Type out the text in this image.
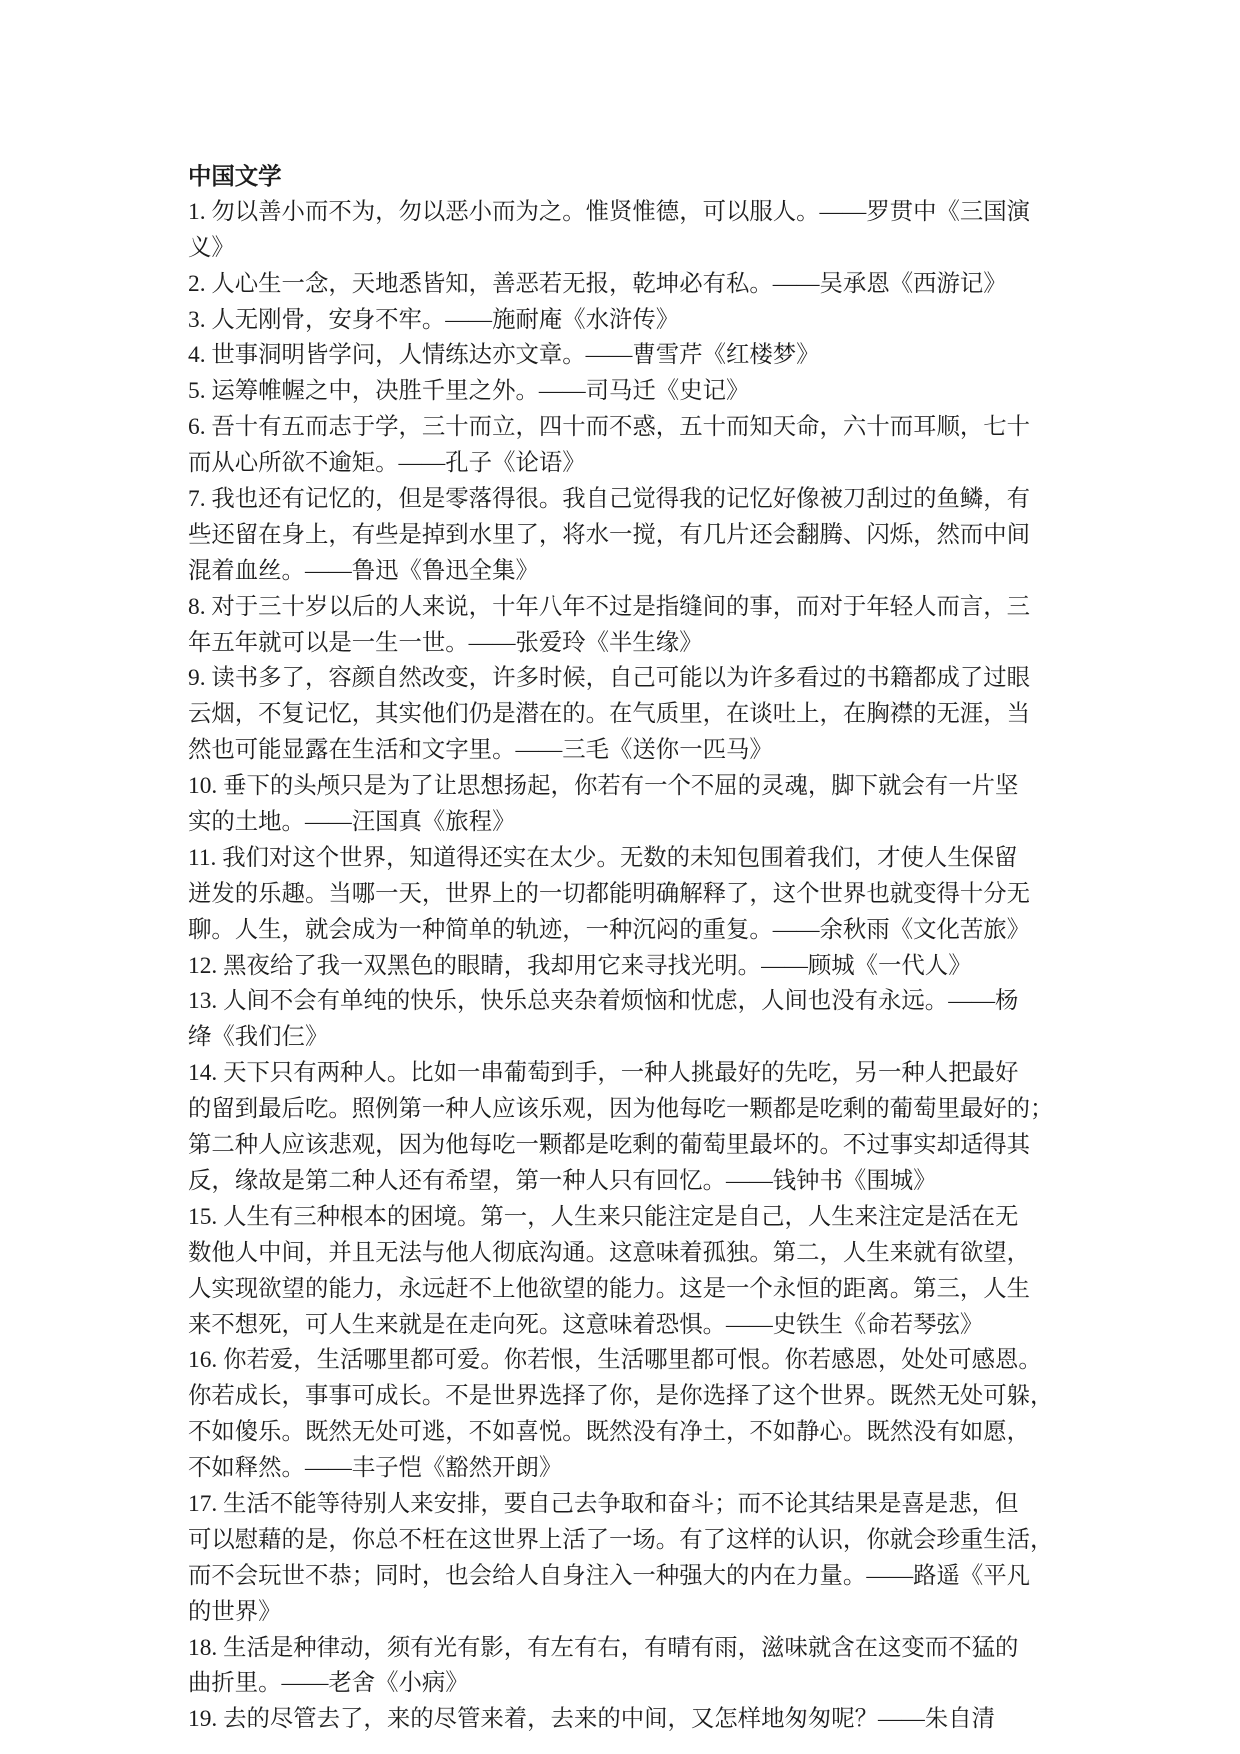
中国文学
1. 勿以善小而不为，勿以恶小而为之。惟贤惟德，可以服人。——罗贯中《三国演
义》
2. 人心生一念，天地悉皆知，善恶若无报，乾坤必有私。——吴承恩《西游记》
3. 人无刚骨，安身不牢。——施耐庵《水浒传》
4. 世事洞明皆学问，人情练达亦文章。——曹雪芹《红楼梦》
5. 运筹帷幄之中，决胜千里之外。——司马迁《史记》
6. 吾十有五而志于学，三十而立，四十而不惑，五十而知天命，六十而耳顺，七十
而从心所欲不逾矩。——孔子《论语》
7. 我也还有记忆的，但是零落得很。我自己觉得我的记忆好像被刀刮过的鱼鳞，有
些还留在身上，有些是掉到水里了，将水一搅，有几片还会翻腾、闪烁，然而中间
混着血丝。——鲁迅《鲁迅全集》
8. 对于三十岁以后的人来说，十年八年不过是指缝间的事，而对于年轻人而言，三
年五年就可以是一生一世。——张爱玲《半生缘》
9. 读书多了，容颜自然改变，许多时候，自己可能以为许多看过的书籍都成了过眼
云烟，不复记忆，其实他们仍是潜在的。在气质里，在谈吐上，在胸襟的无涯，当
然也可能显露在生活和文字里。——三毛《送你一匹马》
10. 垂下的头颅只是为了让思想扬起，你若有一个不屈的灵魂，脚下就会有一片坚
实的土地。——汪国真《旅程》
11. 我们对这个世界，知道得还实在太少。无数的未知包围着我们，才使人生保留
迸发的乐趣。当哪一天，世界上的一切都能明确解释了，这个世界也就变得十分无
聊。人生，就会成为一种简单的轨迹，一种沉闷的重复。——余秋雨《文化苦旅》
12. 黑夜给了我一双黑色的眼睛，我却用它来寻找光明。——顾城《一代人》
13. 人间不会有单纯的快乐，快乐总夹杂着烦恼和忧虑，人间也没有永远。——杨
绛《我们仨》
14. 天下只有两种人。比如一串葡萄到手，一种人挑最好的先吃，另一种人把最好
的留到最后吃。照例第一种人应该乐观，因为他每吃一颗都是吃剩的葡萄里最好的；
第二种人应该悲观，因为他每吃一颗都是吃剩的葡萄里最坏的。不过事实却适得其
反，缘故是第二种人还有希望，第一种人只有回忆。——钱钟书《围城》
15. 人生有三种根本的困境。第一，人生来只能注定是自己，人生来注定是活在无
数他人中间，并且无法与他人彻底沟通。这意味着孤独。第二，人生来就有欲望，
人实现欲望的能力，永远赶不上他欲望的能力。这是一个永恒的距离。第三，人生
来不想死，可人生来就是在走向死。这意味着恐惧。——史铁生《命若琴弦》
16. 你若爱，生活哪里都可爱。你若恨，生活哪里都可恨。你若感恩，处处可感恩。
你若成长，事事可成长。不是世界选择了你，是你选择了这个世界。既然无处可躲，
不如傻乐。既然无处可逃，不如喜悦。既然没有净土，不如静心。既然没有如愿，
不如释然。——丰子恺《豁然开朗》
17. 生活不能等待别人来安排，要自己去争取和奋斗；而不论其结果是喜是悲，但
可以慰藉的是，你总不枉在这世界上活了一场。有了这样的认识，你就会珍重生活，
而不会玩世不恭；同时，也会给人自身注入一种强大的内在力量。——路遥《平凡
的世界》
18. 生活是种律动，须有光有影，有左有右，有晴有雨，滋味就含在这变而不猛的
曲折里。——老舍《小病》
19. 去的尽管去了，来的尽管来着，去来的中间，又怎样地匆匆呢？——朱自清
